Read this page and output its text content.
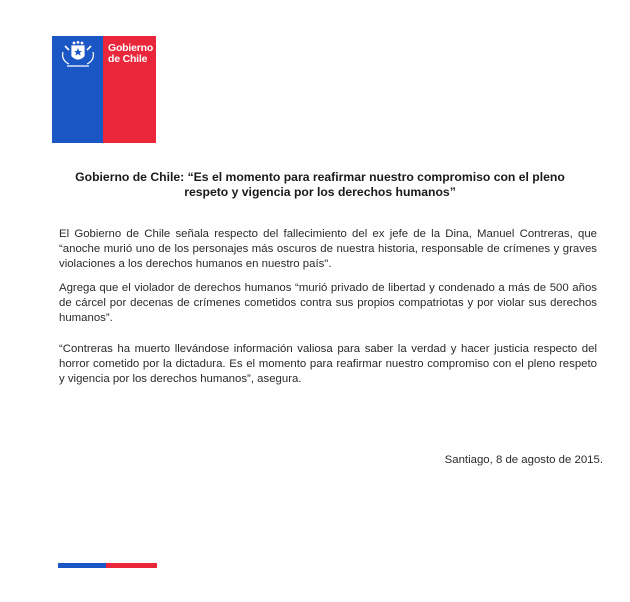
Gobierno
de Chile
Gobierno de Chile: “Es el momento para reafirmar nuestro compromiso con el pleno respeto y vigencia por los derechos humanos”
El Gobierno de Chile señala respecto del fallecimiento del ex jefe de la Dina, Manuel Contreras, que “anoche murió uno de los personajes más oscuros de nuestra historia, responsable de crímenes y graves violaciones a los derechos humanos en nuestro país".
Agrega que el violador de derechos humanos “murió privado de libertad y condenado a más de 500 años de cárcel por decenas de crímenes cometidos contra sus propios compatriotas y por violar sus derechos humanos”.
“Contreras ha muerto llevándose información valiosa para saber la verdad y hacer justicia respecto del horror cometido por la dictadura. Es el momento para reafirmar nuestro compromiso con el pleno respeto y vigencia por los derechos humanos”, asegura.
Santiago, 8 de agosto de 2015.
